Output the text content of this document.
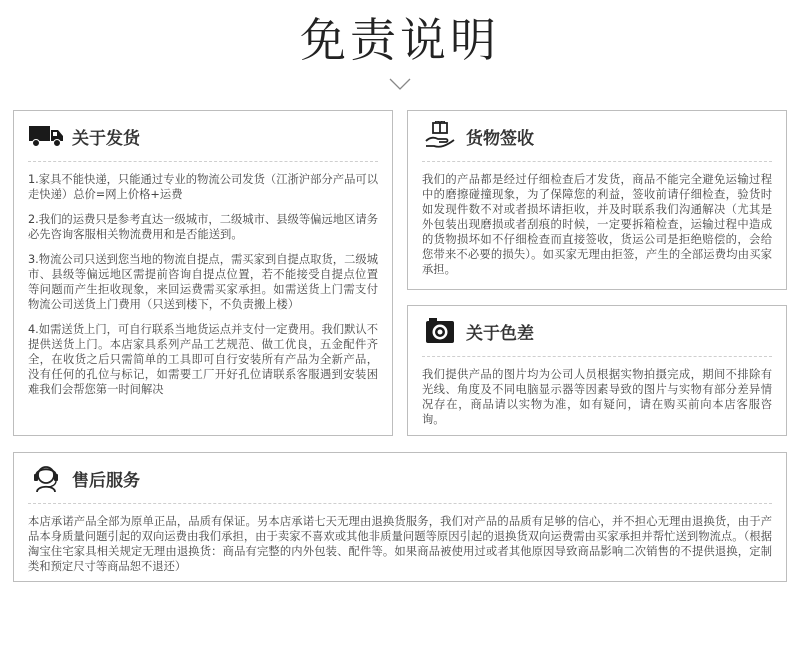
免责说明
关于发货

1.家具不能快递，只能通过专业的物流公司发货（江浙沪部分产品可以走快递）总价=网上价格+运费

2.我们的运费只是参考直达一级城市，二级城市、县级等偏远地区请务必先咨询客服相关物流费用和是否能送到。

3.物流公司只送到您当地的物流自提点，需买家到自提点取货，二级城市、县级等偏远地区需提前咨询自提点位置，若不能接受自提点位置等问题而产生拒收现象，来回运费需买家承担。如需送货上门需支付物流公司送货上门费用（只送到楼下，不负责搬上楼）

4.如需送货上门，可自行联系当地货运点并支付一定费用。我们默认不提供送货上门。本店家具系列产品工艺规范、做工优良，五金配件齐全，在收货之后只需简单的工具即可自行安装所有产品为全新产品，没有任何的孔位与标记，如需要工厂开好孔位请联系客服遇到安装困难我们会帮您第一时间解决

货物签收

我们的产品都是经过仔细检查后才发货，商品不能完全避免运输过程中的磨擦碰撞现象，为了保障您的利益，签收前请仔细检查，验货时如发现件数不对或者损坏请拒收，并及时联系我们沟通解决（尤其是外包装出现磨损或者刮痕的时候，一定要拆箱检查，运输过程中造成的货物损坏如不仔细检查而直接签收，货运公司是拒绝赔偿的，会给您带来不必要的损失）。如买家无理由拒签，产生的全部运费均由买家承担。

关于色差

我们提供产品的图片均为公司人员根据实物拍摄完成，期间不排除有光线、角度及不同电脑显示器等因素导致的图片与实物有部分差异情况存在，商品请以实物为准，如有疑问，请在购买前向本店客服咨询。

售后服务

本店承诺产品全部为原单正品，品质有保证。另本店承诺七天无理由退换货服务，我们对产品的品质有足够的信心，并不担心无理由退换货，由于产品本身质量问题引起的双向运费由我们承担，由于卖家不喜欢或其他非质量问题等原因引起的退换货双向运费需由买家承担并帮忙送到物流点。（根据淘宝住宅家具相关规定无理由退换货：商品有完整的内外包装、配件等。如果商品被使用过或者其他原因导致商品影响二次销售的不提供退换，定制类和预定尺寸等商品恕不退还）
